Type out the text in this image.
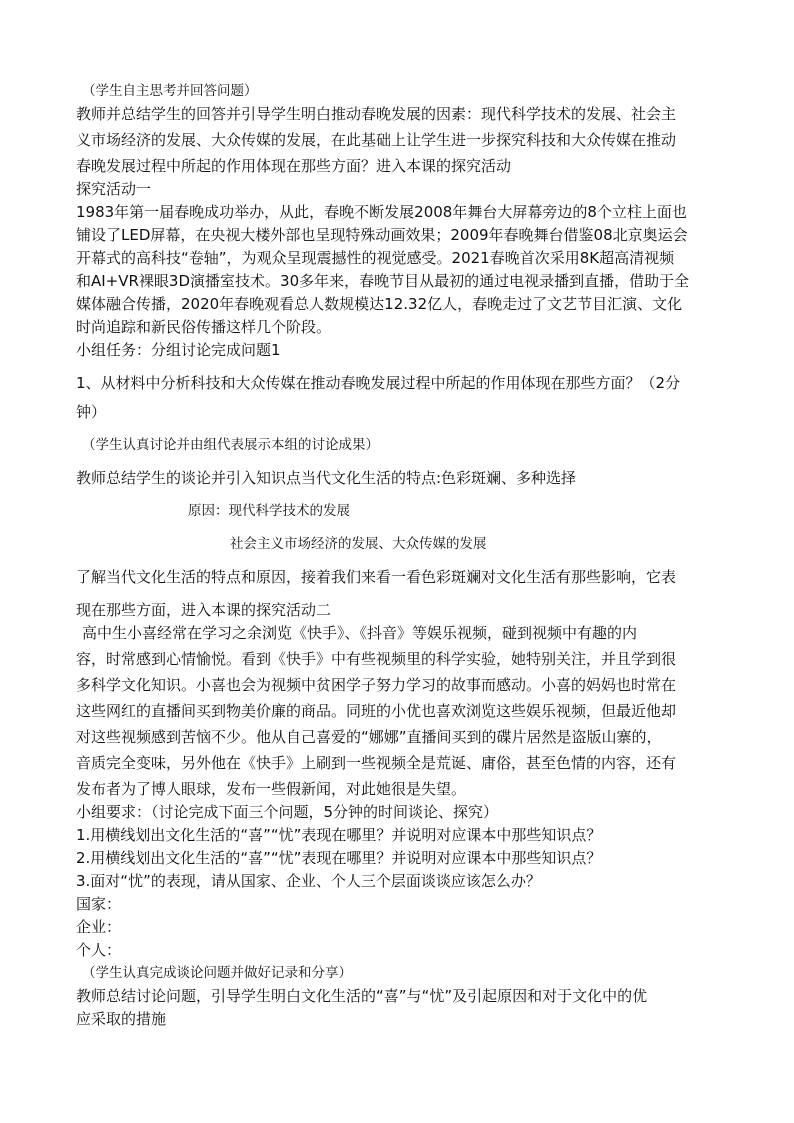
（学生自主思考并回答问题）

教师并总结学生的回答并引导学生明白推动春晚发展的因素：现代科学技术的发展、社会主

义市场经济的发展、大众传媒的发展，在此基础上让学生进一步探究科技和大众传媒在推动

春晚发展过程中所起的作用体现在那些方面？进入本课的探究活动

探究活动一

1983年第一届春晚成功举办，从此，春晚不断发展2008年舞台大屏幕旁边的8个立柱上面也

铺设了LED屏幕，在央视大楼外部也呈现特殊动画效果；2009年春晚舞台借鉴08北京奥运会

开幕式的高科技“卷轴”，为观众呈现震撼性的视觉感受。2021春晚首次采用8K超高清视频

和AI+VR裸眼3D演播室技术。30多年来，春晚节目从最初的通过电视录播到直播，借助于全

媒体融合传播，2020年春晚观看总人数规模达12.32亿人，春晚走过了文艺节目汇演、文化

时尚追踪和新民俗传播这样几个阶段。

小组任务：分组讨论完成问题1

1、从材料中分析科技和大众传媒在推动春晚发展过程中所起的作用体现在那些方面？（2分

钟）

（学生认真讨论并由组代表展示本组的讨论成果）

教师总结学生的谈论并引入知识点当代文化生活的特点:色彩斑斓、多种选择

原因：现代科学技术的发展

社会主义市场经济的发展、大众传媒的发展

了解当代文化生活的特点和原因，接着我们来看一看色彩斑斓对文化生活有那些影响，它表

现在那些方面，进入本课的探究活动二

高中生小喜经常在学习之余浏览《快手》、《抖音》等娱乐视频，碰到视频中有趣的内

容，时常感到心情愉悦。看到《快手》中有些视频里的科学实验，她特别关注，并且学到很

多科学文化知识。小喜也会为视频中贫困学子努力学习的故事而感动。小喜的妈妈也时常在

这些网红的直播间买到物美价廉的商品。同班的小优也喜欢浏览这些娱乐视频，但最近他却

对这些视频感到苦恼不少。他从自己喜爱的“娜娜”直播间买到的碟片居然是盗版山寨的，

音质完全变味，另外他在《快手》上刷到一些视频全是荒诞、庸俗，甚至色情的内容，还有

发布者为了博人眼球，发布一些假新闻，对此她很是失望。

小组要求：（讨论完成下面三个问题，5分钟的时间谈论、探究）

1.用横线划出文化生活的“喜”“忧”表现在哪里？并说明对应课本中那些知识点？

2.用横线划出文化生活的“喜”“忧”表现在哪里？并说明对应课本中那些知识点？

3.面对“忧”的表现，请从国家、企业、个人三个层面谈谈应该怎么办？

国家：

企业：

个人：

（学生认真完成谈论问题并做好记录和分享）

教师总结讨论问题，引导学生明白文化生活的“喜”与“忧”及引起原因和对于文化中的优

应采取的措施
